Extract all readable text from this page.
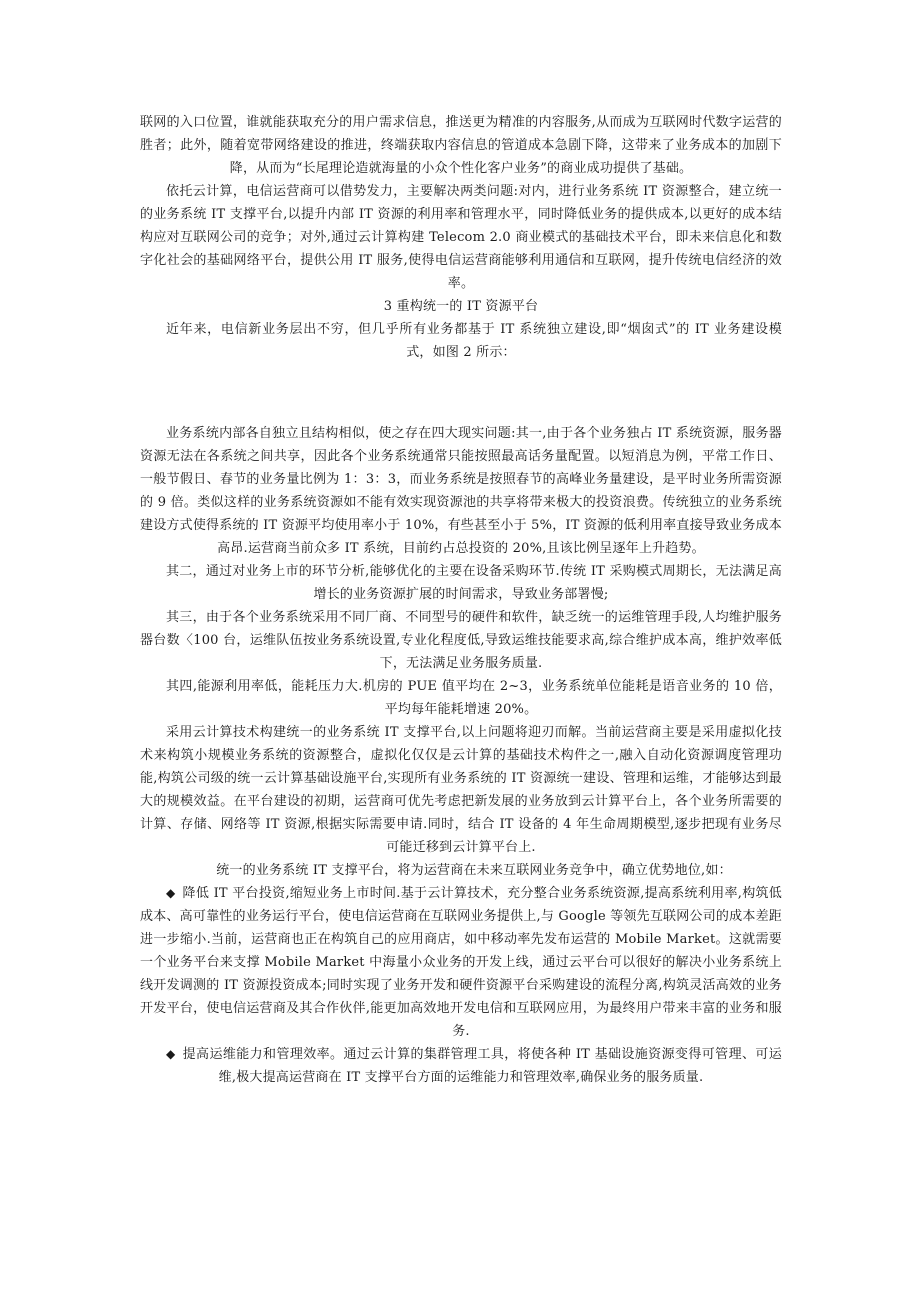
联网的入口位置，谁就能获取充分的用户需求信息，推送更为精准的内容服务,从而成为互联网时代数字运营的胜者；此外，随着宽带网络建设的推进，终端获取内容信息的管道成本急剧下降，这带来了业务成本的加剧下降，从而为“长尾理论造就海量的小众个性化客户业务”的商业成功提供了基础。

依托云计算，电信运营商可以借势发力，主要解决两类问题:对内，进行业务系统 IT 资源整合，建立统一的业务系统 IT 支撑平台,以提升内部 IT 资源的利用率和管理水平，同时降低业务的提供成本,以更好的成本结构应对互联网公司的竞争；对外,通过云计算构建 Telecom 2.0 商业模式的基础技术平台，即未来信息化和数字化社会的基础网络平台，提供公用 IT 服务,使得电信运营商能够利用通信和互联网，提升传统电信经济的效率。

3 重构统一的 IT 资源平台

近年来，电信新业务层出不穷，但几乎所有业务都基于 IT 系统独立建设,即“烟囱式”的 IT 业务建设模式，如图 2 所示：

业务系统内部各自独立且结构相似，使之存在四大现实问题:其一,由于各个业务独占 IT 系统资源，服务器资源无法在各系统之间共享，因此各个业务系统通常只能按照最高话务量配置。以短消息为例，平常工作日、一般节假日、春节的业务量比例为 1：3：3，而业务系统是按照春节的高峰业务量建设，是平时业务所需资源的 9 倍。类似这样的业务系统资源如不能有效实现资源池的共享将带来极大的投资浪费。传统独立的业务系统建设方式使得系统的 IT 资源平均使用率小于 10%，有些甚至小于 5%，IT 资源的低利用率直接导致业务成本高昂.运营商当前众多 IT 系统，目前约占总投资的 20%,且该比例呈逐年上升趋势。

其二，通过对业务上市的环节分析,能够优化的主要在设备采购环节.传统 IT 采购模式周期长，无法满足高增长的业务资源扩展的时间需求，导致业务部署慢;

其三，由于各个业务系统采用不同厂商、不同型号的硬件和软件，缺乏统一的运维管理手段,人均维护服务器台数〈100 台，运维队伍按业务系统设置,专业化程度低,导致运维技能要求高,综合维护成本高，维护效率低下，无法满足业务服务质量.

其四,能源利用率低，能耗压力大.机房的 PUE 值平均在 2~3，业务系统单位能耗是语音业务的 10 倍，平均每年能耗增速 20%。

采用云计算技术构建统一的业务系统 IT 支撑平台,以上问题将迎刃而解。当前运营商主要是采用虚拟化技术来构筑小规模业务系统的资源整合，虚拟化仅仅是云计算的基础技术构件之一,融入自动化资源调度管理功能,构筑公司级的统一云计算基础设施平台,实现所有业务系统的 IT 资源统一建设、管理和运维，才能够达到最大的规模效益。在平台建设的初期，运营商可优先考虑把新发展的业务放到云计算平台上，各个业务所需要的计算、存储、网络等 IT 资源,根据实际需要申请.同时，结合 IT 设备的 4 年生命周期模型,逐步把现有业务尽可能迁移到云计算平台上.

统一的业务系统 IT 支撑平台，将为运营商在未来互联网业务竞争中，确立优势地位,如：

◆ 降低 IT 平台投资,缩短业务上市时间.基于云计算技术，充分整合业务系统资源,提高系统利用率,构筑低成本、高可靠性的业务运行平台，使电信运营商在互联网业务提供上,与 Google 等领先互联网公司的成本差距进一步缩小.当前，运营商也正在构筑自己的应用商店，如中移动率先发布运营的 Mobile Market。这就需要一个业务平台来支撑 Mobile Market 中海量小众业务的开发上线，通过云平台可以很好的解决小业务系统上线开发调测的 IT 资源投资成本;同时实现了业务开发和硬件资源平台采购建设的流程分离,构筑灵活高效的业务开发平台，使电信运营商及其合作伙伴,能更加高效地开发电信和互联网应用，为最终用户带来丰富的业务和服务.

◆ 提高运维能力和管理效率。通过云计算的集群管理工具，将使各种 IT 基础设施资源变得可管理、可运维,极大提高运营商在 IT 支撑平台方面的运维能力和管理效率,确保业务的服务质量.
